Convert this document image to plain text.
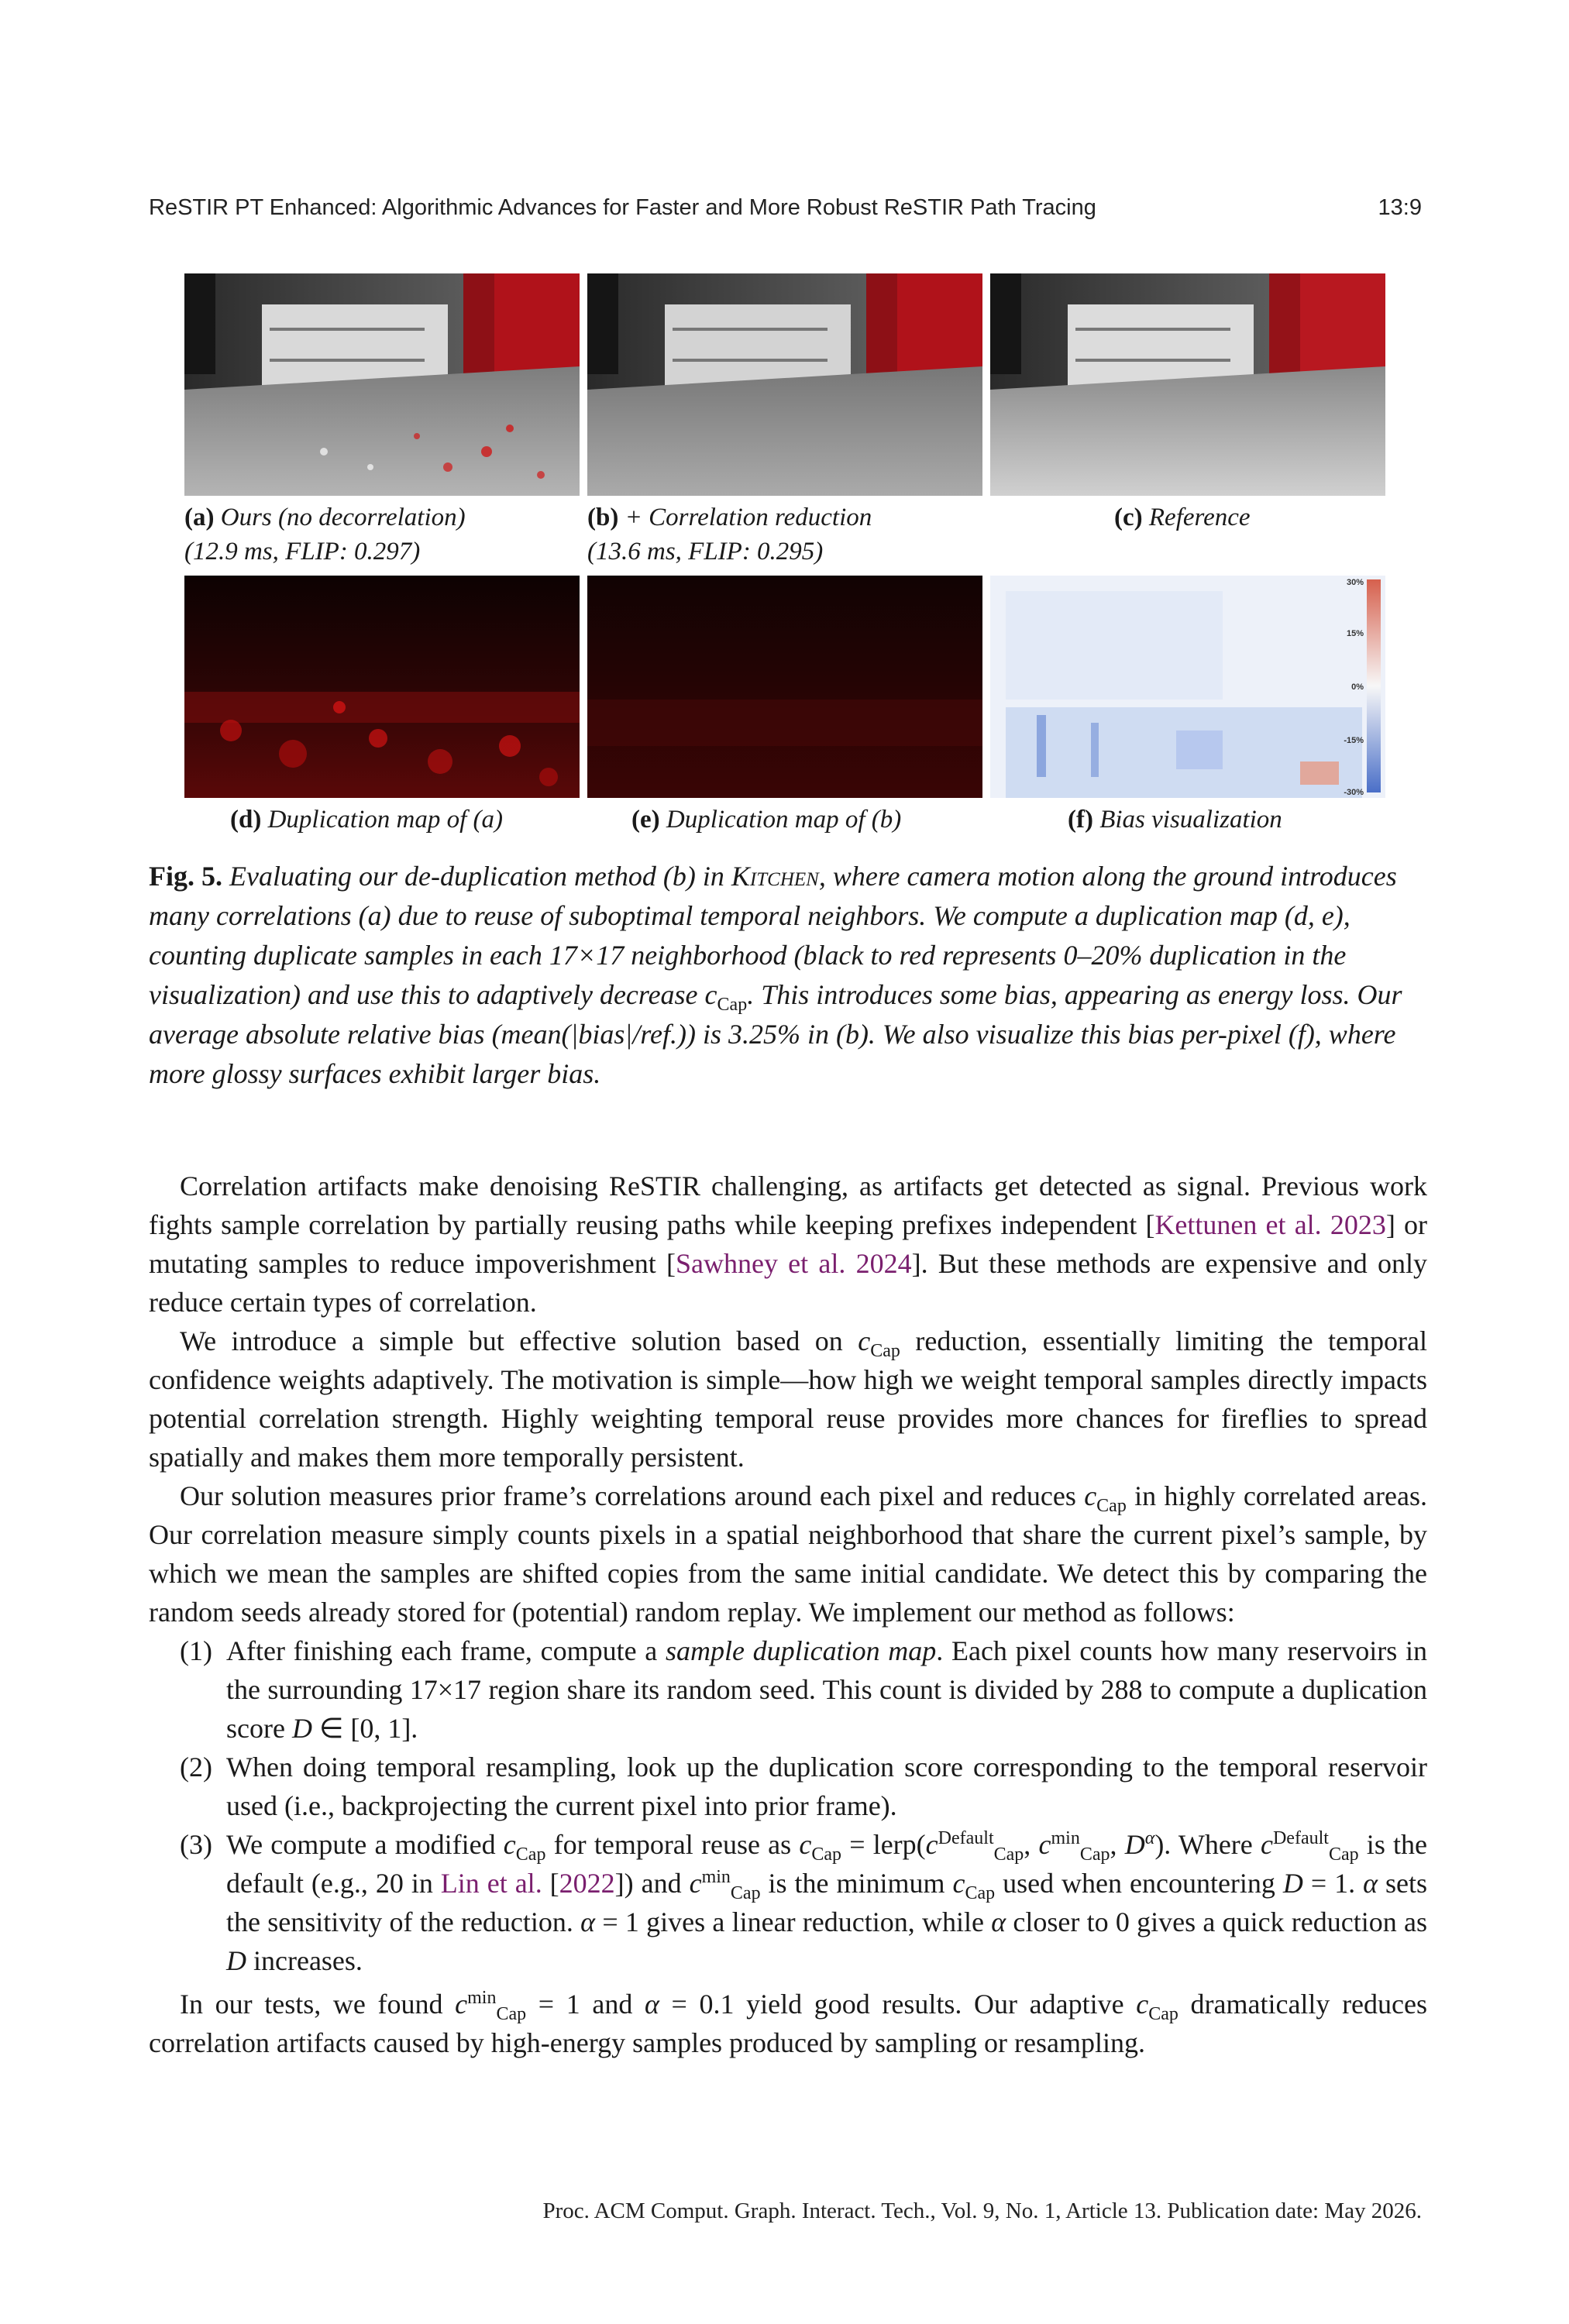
ReSTIR PT Enhanced: Algorithmic Advances for Faster and More Robust ReSTIR Path Tracing	13:9
(a) Ours (no decorrelation)
(12.9 ms, FLIP: 0.297)
(b) + Correlation reduction
(13.6 ms, FLIP: 0.295)
(c) Reference
30%
15%
0%
-15%
-30%
(d) Duplication map of (a)	(e) Duplication map of (b)	(f) Bias visualization
Fig. 5. Evaluating our de-duplication method (b) in Kitchen, where camera motion along the ground introduces many correlations (a) due to reuse of suboptimal temporal neighbors. We compute a duplication map (d, e), counting duplicate samples in each 17×17 neighborhood (black to red represents 0–20% duplication in the visualization) and use this to adaptively decrease $c_{Cap}$. This introduces some bias, appearing as energy loss. Our average absolute relative bias (mean(|bias|/ref.)) is 3.25% in (b). We also visualize this bias per-pixel (f), where more glossy surfaces exhibit larger bias.

Correlation artifacts make denoising ReSTIR challenging, as artifacts get detected as signal. Previous work fights sample correlation by partially reusing paths while keeping prefixes independent [Kettunen et al. 2023] or mutating samples to reduce impoverishment [Sawhney et al. 2024]. But these methods are expensive and only reduce certain types of correlation.

We introduce a simple but effective solution based on $c_{Cap}$ reduction, essentially limiting the temporal confidence weights adaptively. The motivation is simple—how high we weight temporal samples directly impacts potential correlation strength. Highly weighting temporal reuse provides more chances for fireflies to spread spatially and makes them more temporally persistent.

Our solution measures prior frame’s correlations around each pixel and reduces $c_{Cap}$ in highly correlated areas. Our correlation measure simply counts pixels in a spatial neighborhood that share the current pixel’s sample, by which we mean the samples are shifted copies from the same initial candidate. We detect this by comparing the random seeds already stored for (potential) random replay. We implement our method as follows:

(1) After finishing each frame, compute a sample duplication map. Each pixel counts how many reservoirs in the surrounding 17×17 region share its random seed. This count is divided by 288 to compute a duplication score D ∈ [0, 1].
(2) When doing temporal resampling, look up the duplication score corresponding to the temporal reservoir used (i.e., backprojecting the current pixel into prior frame).
(3) We compute a modified $c_{Cap}$ for temporal reuse as $c_{Cap}$ = $lerp(c^{Default}_{Cap}$, $c^{min}_{Cap}$, $D^\alpha$). Where $c^{Default}_{Cap}$ is the default (e.g., 20 in Lin et al. [2022]) and $c^{min}_{Cap}$ is the minimum $c_{Cap}$ used when encountering D = 1. α sets the sensitivity of the reduction. α = 1 gives a linear reduction, while α closer to 0 gives a quick reduction as D increases.

In our tests, we found $c^{min}_{Cap} = 1$ and α = 0.1 yield good results. Our adaptive $c_{Cap}$ dramatically reduces correlation artifacts caused by high-energy samples produced by sampling or resampling.

Proc. ACM Comput. Graph. Interact. Tech., Vol. 9, No. 1, Article 13. Publication date: May 2026.
